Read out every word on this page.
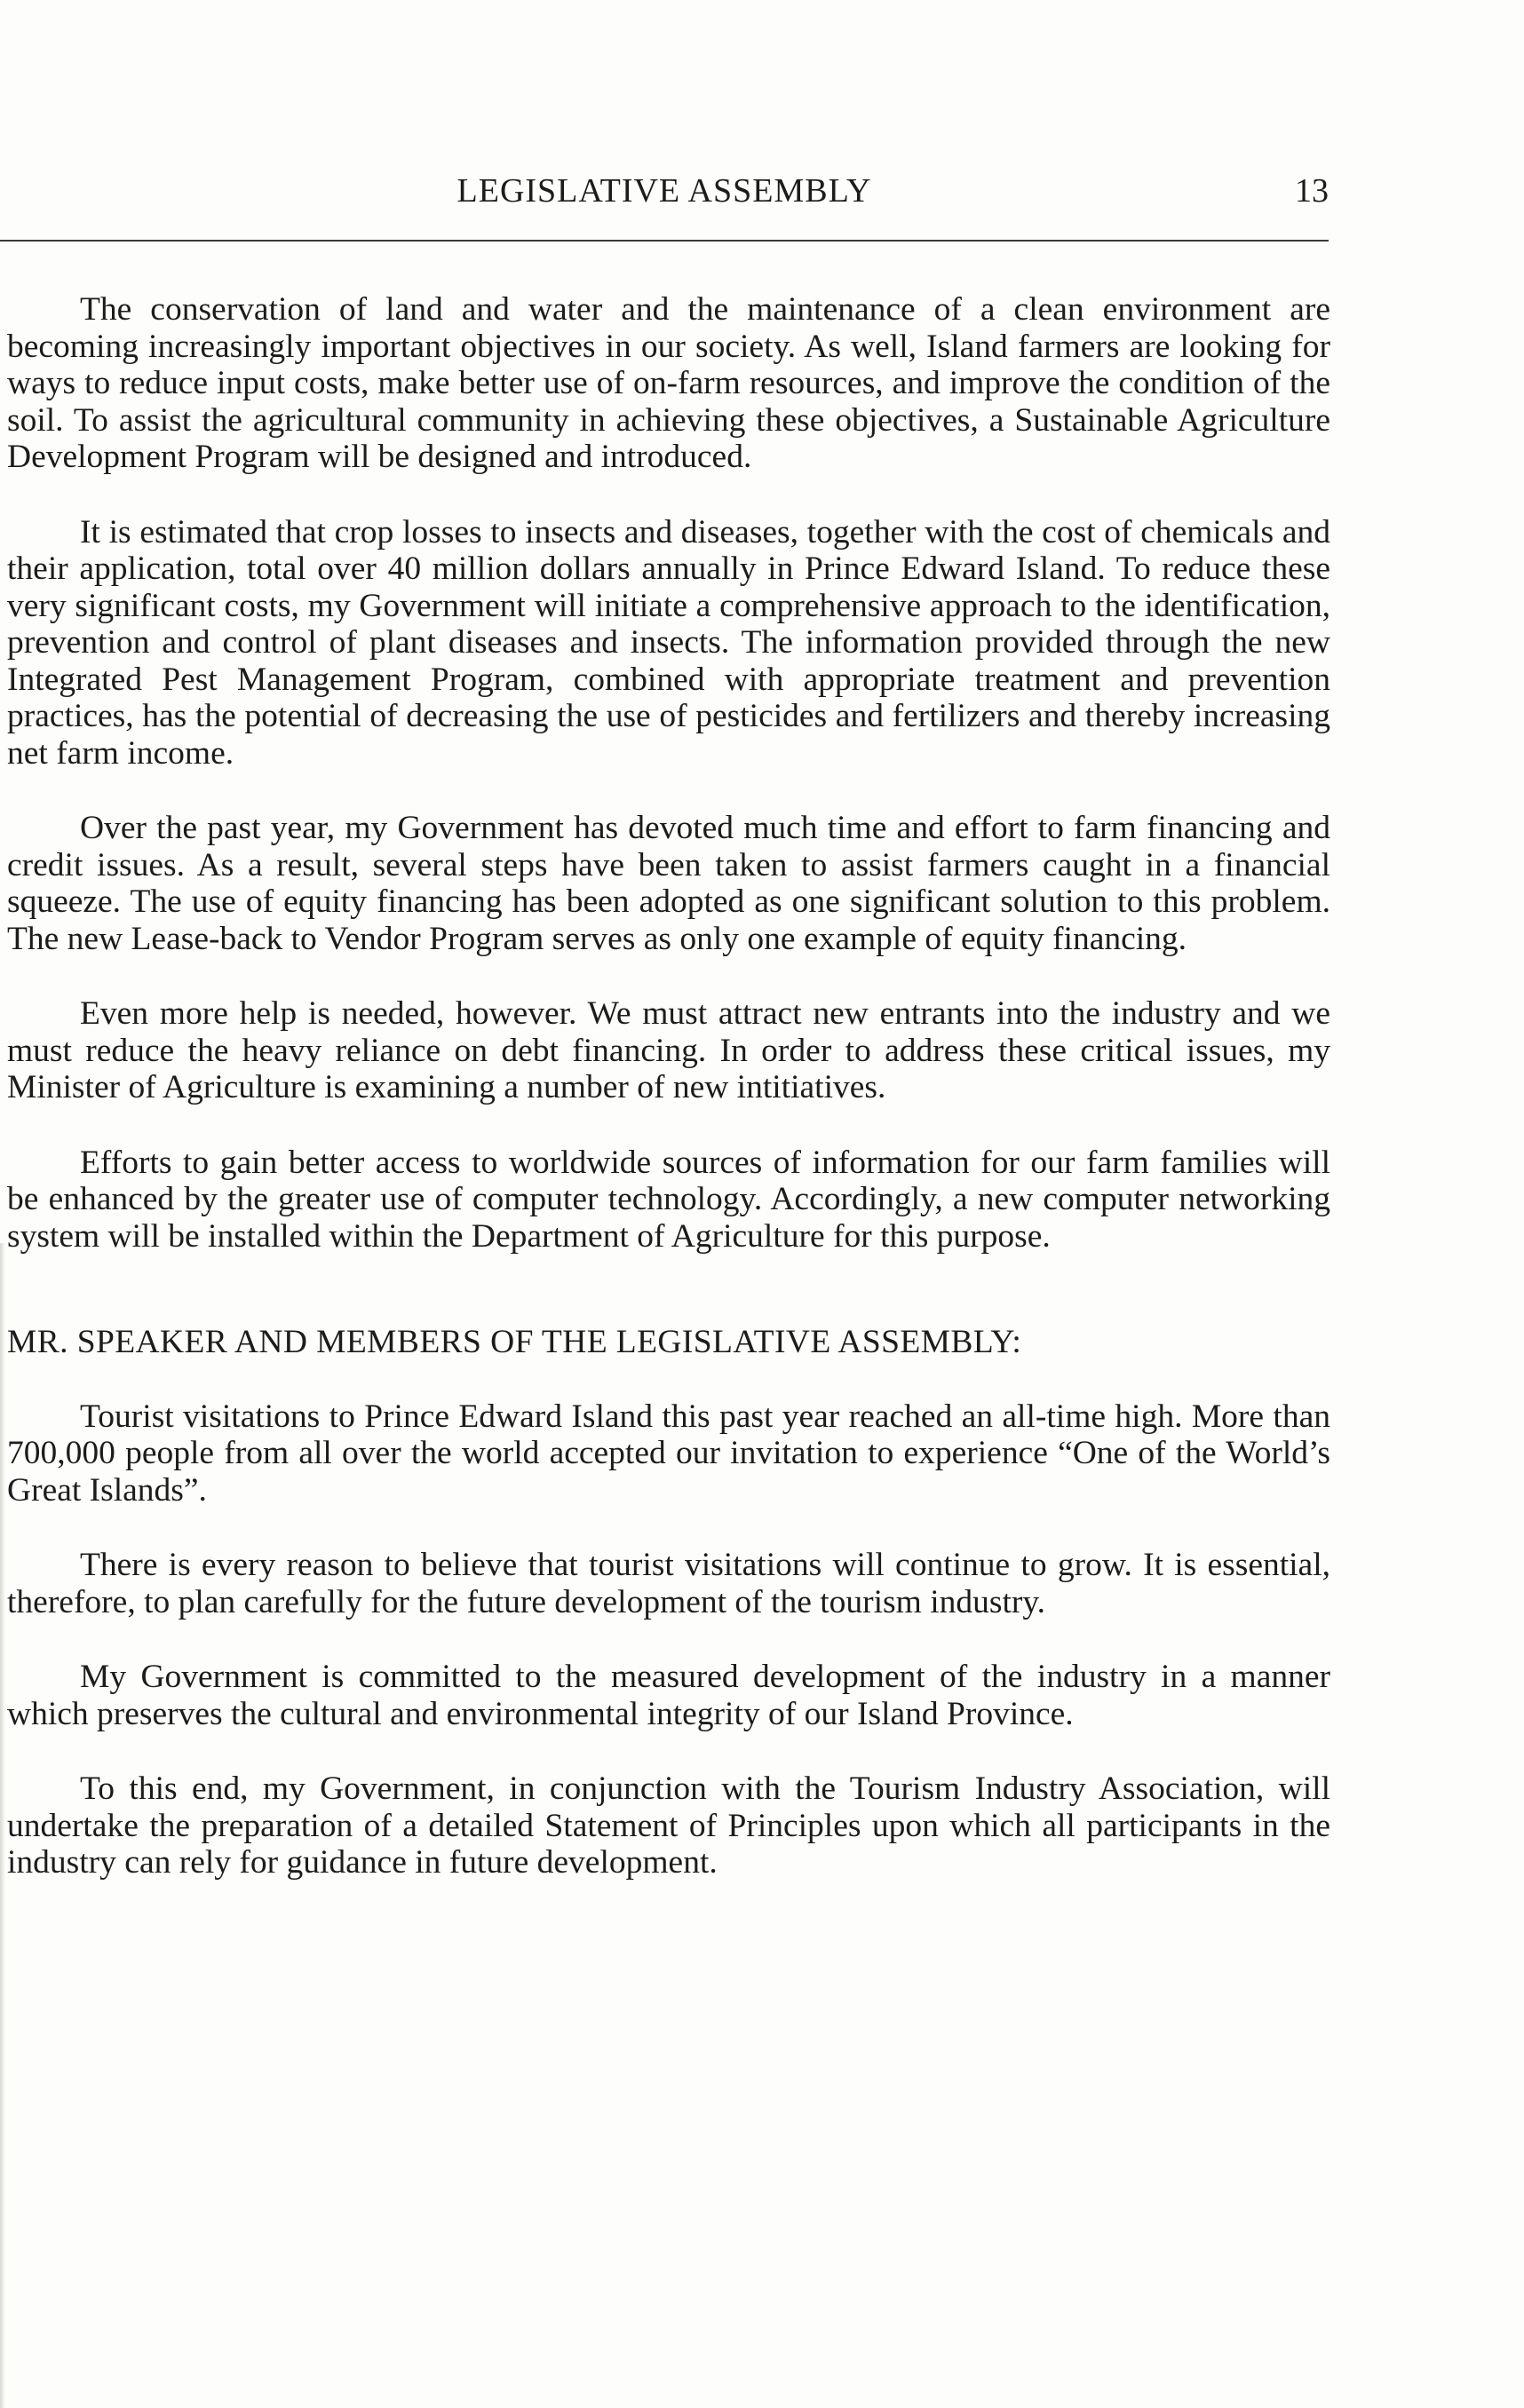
LEGISLATIVE ASSEMBLY	13

The conservation of land and water and the maintenance of a clean environment are becoming increasingly important objectives in our society. As well, Island farmers are looking for ways to reduce input costs, make better use of on-farm resources, and improve the condition of the soil. To assist the agricultural community in achieving these objectives, a Sustainable Agriculture Development Program will be designed and introduced.

It is estimated that crop losses to insects and diseases, together with the cost of chemicals and their application, total over 40 million dollars annually in Prince Edward Island. To reduce these very significant costs, my Government will initiate a comprehensive approach to the identification, prevention and control of plant diseases and insects. The information provided through the new Integrated Pest Management Program, combined with appropriate treatment and prevention practices, has the potential of decreasing the use of pesticides and fertilizers and thereby increasing net farm income.

Over the past year, my Government has devoted much time and effort to farm financing and credit issues. As a result, several steps have been taken to assist farmers caught in a financial squeeze. The use of equity financing has been adopted as one significant solution to this problem. The new Lease-back to Vendor Program serves as only one example of equity financing.

Even more help is needed, however. We must attract new entrants into the industry and we must reduce the heavy reliance on debt financing. In order to address these critical issues, my Minister of Agriculture is examining a number of new intitiatives.

Efforts to gain better access to worldwide sources of information for our farm families will be enhanced by the greater use of computer technology. Accordingly, a new computer networking system will be installed within the Department of Agriculture for this purpose.

MR. SPEAKER AND MEMBERS OF THE LEGISLATIVE ASSEMBLY:

Tourist visitations to Prince Edward Island this past year reached an all-time high. More than 700,000 people from all over the world accepted our invitation to experience “One of the World’s Great Islands”.

There is every reason to believe that tourist visitations will continue to grow. It is essential, therefore, to plan carefully for the future development of the tourism industry.

My Government is committed to the measured development of the industry in a manner which preserves the cultural and environmental integrity of our Island Province.

To this end, my Government, in conjunction with the Tourism Industry Association, will undertake the preparation of a detailed Statement of Principles upon which all participants in the industry can rely for guidance in future development.
